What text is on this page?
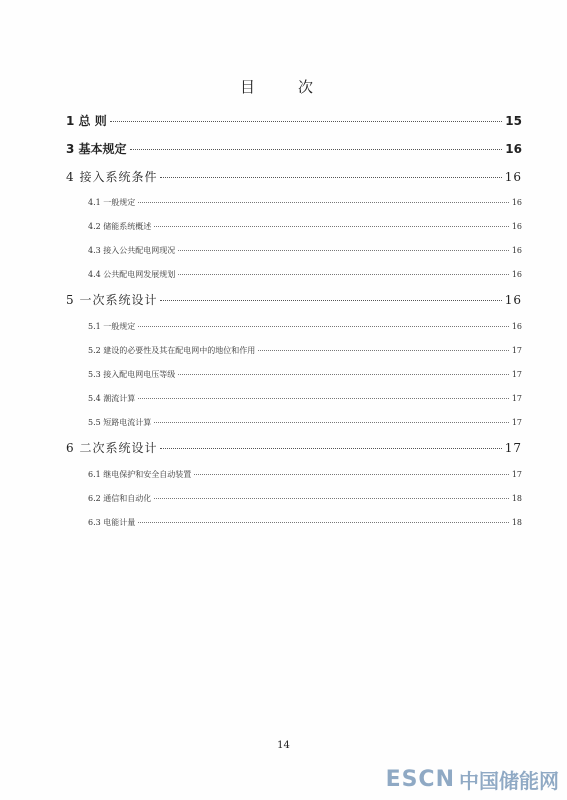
目　次
1 总 则	15
3 基本规定	16
4 接入系统条件	16
4.1 一般规定	16
4.2 储能系统概述	16
4.3 接入公共配电网现况	16
4.4 公共配电网发展规划	16
5 一次系统设计	16
5.1 一般规定	16
5.2 建设的必要性及其在配电网中的地位和作用	17
5.3 接入配电网电压等级	17
5.4 潮流计算	17
5.5 短路电流计算	17
6 二次系统设计	17
6.1 继电保护和安全自动装置	17
6.2 通信和自动化	18
6.3 电能计量	18
14
ESCN 中国储能网
